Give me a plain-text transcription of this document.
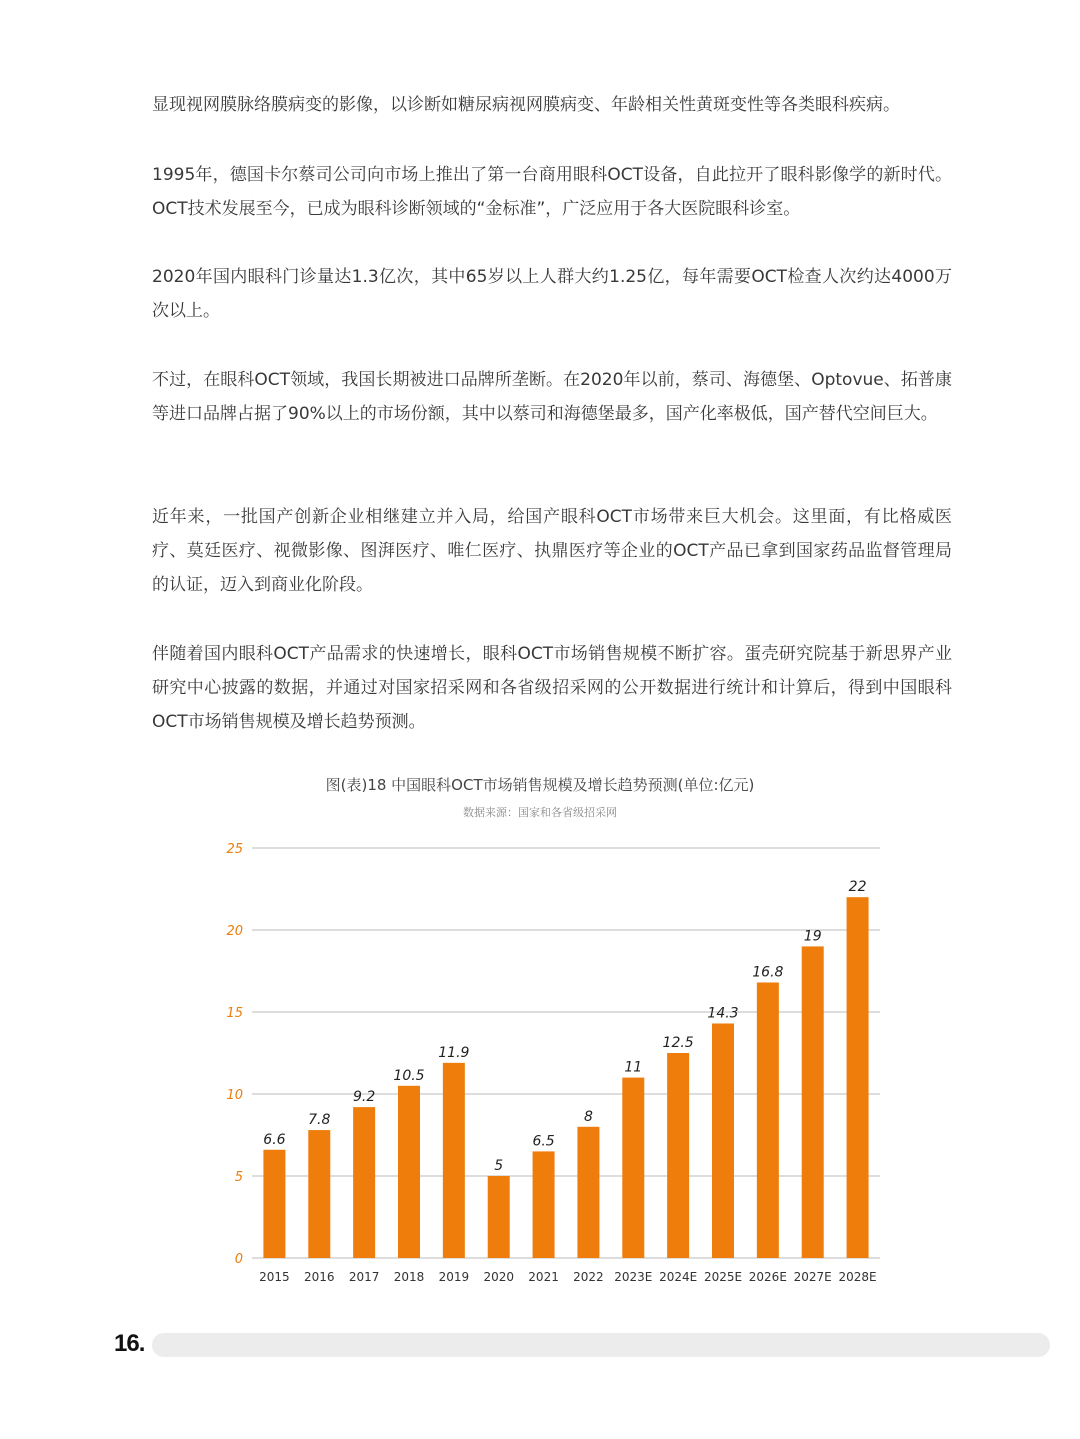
显现视网膜脉络膜病变的影像，以诊断如糖尿病视网膜病变、年龄相关性黄斑变性等各类眼科疾病。

1995年，德国卡尔蔡司公司向市场上推出了第一台商用眼科OCT设备，自此拉开了眼科影像学的新时代。OCT技术发展至今，已成为眼科诊断领域的“金标准”，广泛应用于各大医院眼科诊室。

2020年国内眼科门诊量达1.3亿次，其中65岁以上人群大约1.25亿，每年需要OCT检查人次约达4000万次以上。

不过，在眼科OCT领域，我国长期被进口品牌所垄断。在2020年以前，蔡司、海德堡、Optovue、拓普康等进口品牌占据了90%以上的市场份额，其中以蔡司和海德堡最多，国产化率极低，国产替代空间巨大。

近年来，一批国产创新企业相继建立并入局，给国产眼科OCT市场带来巨大机会。这里面，有比格威医疗、莫廷医疗、视微影像、图湃医疗、唯仁医疗、执鼎医疗等企业的OCT产品已拿到国家药品监督管理局的认证，迈入到商业化阶段。

伴随着国内眼科OCT产品需求的快速增长，眼科OCT市场销售规模不断扩容。蛋壳研究院基于新思界产业研究中心披露的数据，并通过对国家招采网和各省级招采网的公开数据进行统计和计算后，得到中国眼科OCT市场销售规模及增长趋势预测。

图(表)18 中国眼科OCT市场销售规模及增长趋势预测(单位:亿元)
数据来源：国家和各省级招采网
0
5
10
15
20
25
6.6
2015
7.8
2016
9.2
2017
10.5
2018
11.9
2019
5
2020
6.5
2021
8
2022
11
2023E
12.5
2024E
14.3
2025E
16.8
2026E
19
2027E
22
2028E
16.
